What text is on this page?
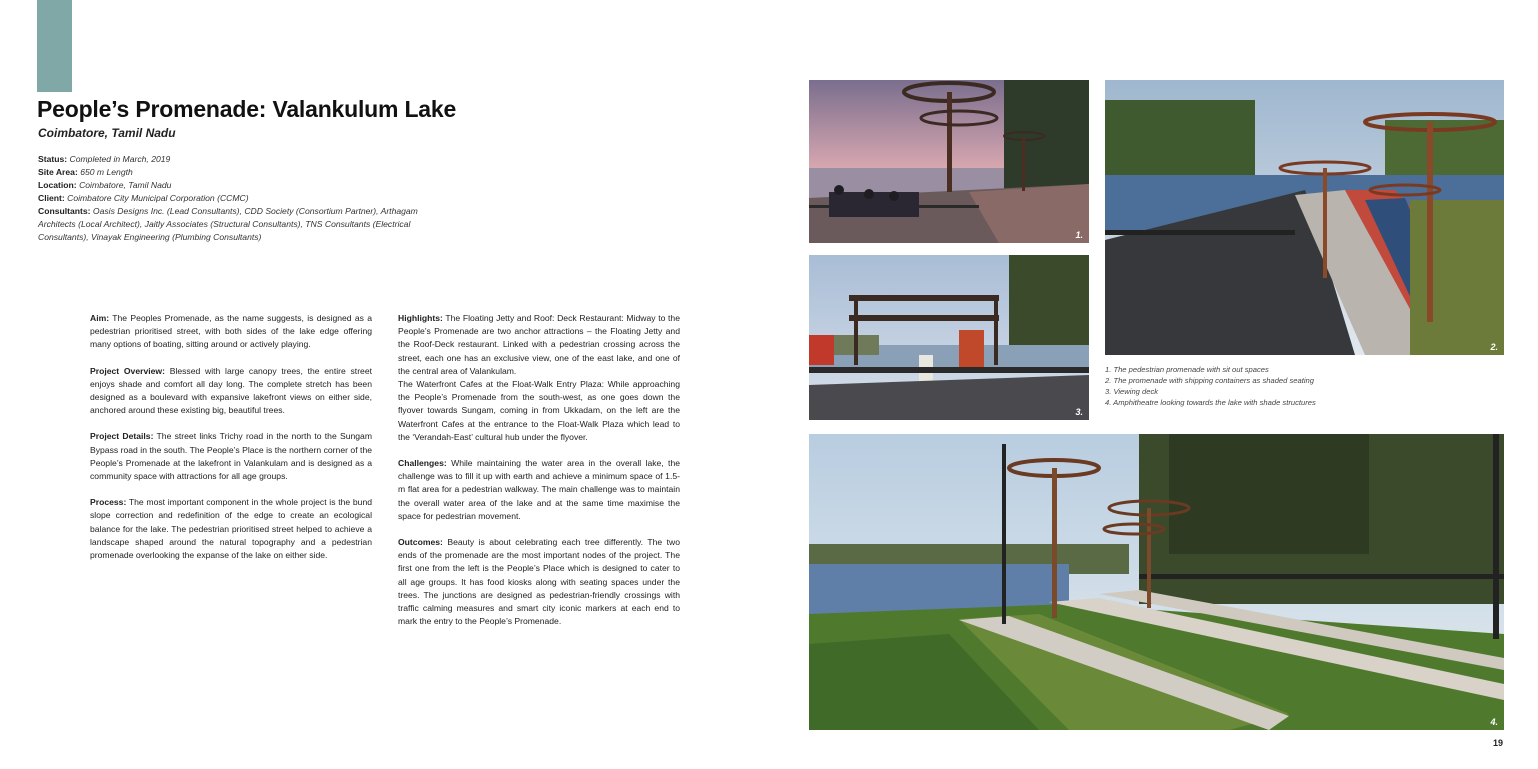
People’s Promenade: Valankulum Lake
Coimbatore, Tamil Nadu
Status: Completed in March, 2019
Site Area: 650 m Length
Location: Coimbatore, Tamil Nadu
Client: Coimbatore City Municipal Corporation (CCMC)
Consultants: Oasis Designs Inc. (Lead Consultants), CDD Society (Consortium Partner), Arthagam Architects (Local Architect), Jaitly Associates (Structural Consultants), TNS Consultants (Electrical Consultants), Vinayak Engineering (Plumbing Consultants)

Aim: The Peoples Promenade, as the name suggests, is designed as a pedestrian prioritised street, with both sides of the lake edge offering many options of boating, sitting around or actively playing.

Project Overview: Blessed with large canopy trees, the entire street enjoys shade and comfort all day long. The complete stretch has been designed as a boulevard with expansive lakefront views on either side, anchored around these existing big, beautiful trees.

Project Details: The street links Trichy road in the north to the Sungam Bypass road in the south. The People’s Place is the northern corner of the People’s Promenade at the lakefront in Valankulam and is designed as a community space with attractions for all age groups.

Process: The most important component in the whole project is the bund slope correction and redefinition of the edge to create an ecological balance for the lake. The pedestrian prioritised street helped to achieve a landscape shaped around the natural topography and a pedestrian promenade overlooking the expanse of the lake on either side.

Highlights: The Floating Jetty and Roof: Deck Restaurant: Midway to the People’s Promenade are two anchor attractions – the Floating Jetty and the Roof-Deck restaurant. Linked with a pedestrian crossing across the street, each one has an exclusive view, one of the east lake, and one of the central area of Valankulam.

The Waterfront Cafes at the Float-Walk Entry Plaza: While approaching the People’s Promenade from the south-west, as one goes down the flyover towards Sungam, coming in from Ukkadam, on the left are the Waterfront Cafes at the entrance to the Float-Walk Plaza which lead to the ‘Verandah-East’ cultural hub under the flyover.

Challenges: While maintaining the water area in the overall lake, the challenge was to fill it up with earth and achieve a minimum space of 1.5-m flat area for a pedestrian walkway. The main challenge was to maintain the overall water area of the lake and at the same time maximise the space for pedestrian movement.

Outcomes: Beauty is about celebrating each tree differently. The two ends of the promenade are the most important nodes of the project. The first one from the left is the People’s Place which is designed to cater to all age groups. It has food kiosks along with seating spaces under the trees. The junctions are designed as pedestrian-friendly crossings with traffic calming measures and smart city iconic markers at each end to mark the entry to the People’s Promenade.

1.
3.
2.
1. The pedestrian promenade with sit out spaces
2. The promenade with shipping containers as shaded seating
3. Viewing deck
4. Amphitheatre looking towards the lake with shade structures
4.
19
